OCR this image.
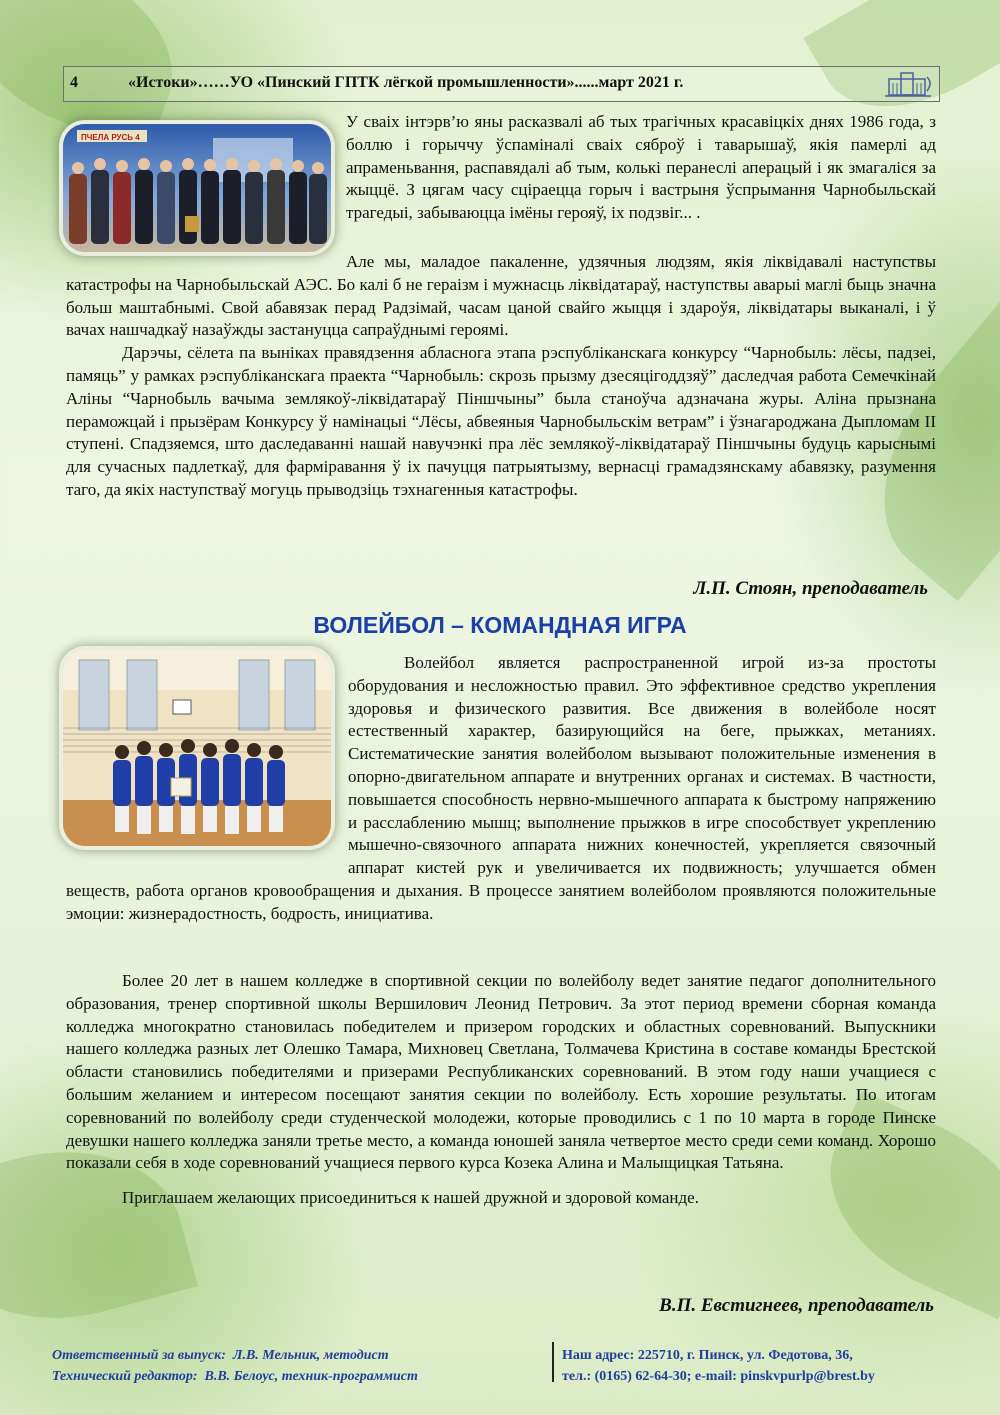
4	«Истоки»……УО «Пинский ГПТК лёгкой промышленности»......март 2021 г.
ПЧЕЛА РУСЬ 4

У сваіх інтэрв’ю яны расказвалі аб тых трагічных красавіцкіх днях 1986 года, з боллю і горыччу ўспаміналі сваіх сяброў і таварышаў, якія памерлі ад апраменьвання, распавядалі аб тым, колькі перанеслі аперацый і як змагаліся за жыццё. З цягам часу сціраецца горыч і вастрыня ўспрымання Чарнобыльскай трагедыі, забываюцца імёны герояў, іх подзвіг... .

Але мы, маладое пакаленне, удзячныя людзям, якія ліквідавалі наступствы катастрофы на Чарнобыльскай АЭС. Бо калі б не гераізм і мужнасць ліквідатараў, наступствы аварыі маглі быць значна больш маштабнымі. Свой абавязак перад Радзімай, часам цаной свайго жыцця і здароўя, ліквідатары выканалі, і ў вачах нашчадкаў назаўжды застануцца сапраўднымі героямі.

Дарэчы, сёлета па выніках правядзення абласнога этапа рэспубліканскага конкурсу “Чарнобыль: лёсы, падзеі, памяць” у рамках рэспубліканскага праекта “Чарнобыль: скрозь прызму дзесяцігоддзяў” даследчая работа Семечкінай Аліны “Чарнобыль вачыма землякоў-ліквідатараў Піншчыны” была станоўча адзначана журы. Аліна прызнана пераможцай і прызёрам Конкурсу ў намінацыі “Лёсы, абвеяныя Чарнобыльскім ветрам” і ўзнагароджана Дыпломам II ступені. Спадзяемся, што даследаванні нашай навучэнкі пра лёс землякоў-ліквідатараў Піншчыны будуць карыснымі для сучасных падлеткаў, для фарміравання ў іх пачуцця патрыятызму, вернасці грамадзянскаму абавязку, разумення таго, да якіх наступстваў могуць прыводзіць тэхнагенныя катастрофы.

Л.П. Стоян, преподаватель
ВОЛЕЙБОЛ – КОМАНДНАЯ ИГРА

Волейбол является распространенной игрой из-за простоты оборудования и несложностью правил. Это эффективное средство укрепления здоровья и физического развития. Все движения в волейболе носят естественный характер, базирующийся на беге, прыжках, метаниях. Систематические занятия волейболом вызывают положительные изменения в опорно-двигательном аппарате и внутренних органах и системах. В частности, повышается способность нервно-мышечного аппарата к быстрому напряжению и расслаблению мышц; выполнение прыжков в игре способствует укреплению мышечно-связочного аппарата нижних конечностей, укрепляется связочный аппарат кистей рук и увеличивается их подвижность; улучшается обмен веществ, работа органов кровообращения и дыхания. В процессе занятием волейболом проявляются положительные эмоции: жизнерадостность, бодрость, инициатива.

Более 20 лет в нашем колледже в спортивной секции по волейболу ведет занятие педагог дополнительного образования, тренер спортивной школы Вершилович Леонид Петрович. За этот период времени сборная команда колледжа многократно становилась победителем и призером городских и областных соревнований. Выпускники нашего колледжа разных лет Олешко Тамара, Михновец Светлана, Толмачева Кристина в составе команды Брестской области становились победителями и призерами Республиканских соревнований. В этом году наши учащиеся с большим желанием и интересом посещают занятия секции по волейболу. Есть хорошие результаты. По итогам соревнований по волейболу среди студенческой молодежи, которые проводились с 1 по 10 марта в городе Пинске девушки нашего колледжа заняли третье место, а команда юношей заняла четвертое место среди семи команд. Хорошо показали себя в ходе соревнований учащиеся первого курса Козека Алина и Малыщицкая Татьяна.

Приглашаем желающих присоединиться к нашей дружной и здоровой команде.

В.П. Евстигнеев, преподаватель
Ответственный за выпуск: Л.В. Мельник, методист
Технический редактор: В.В. Белоус, техник-программист
Наш адрес: 225710, г. Пинск, ул. Федотова, 36,
тел.: (0165) 62-64-30; e-mail: pinskvpurlp@brest.by
